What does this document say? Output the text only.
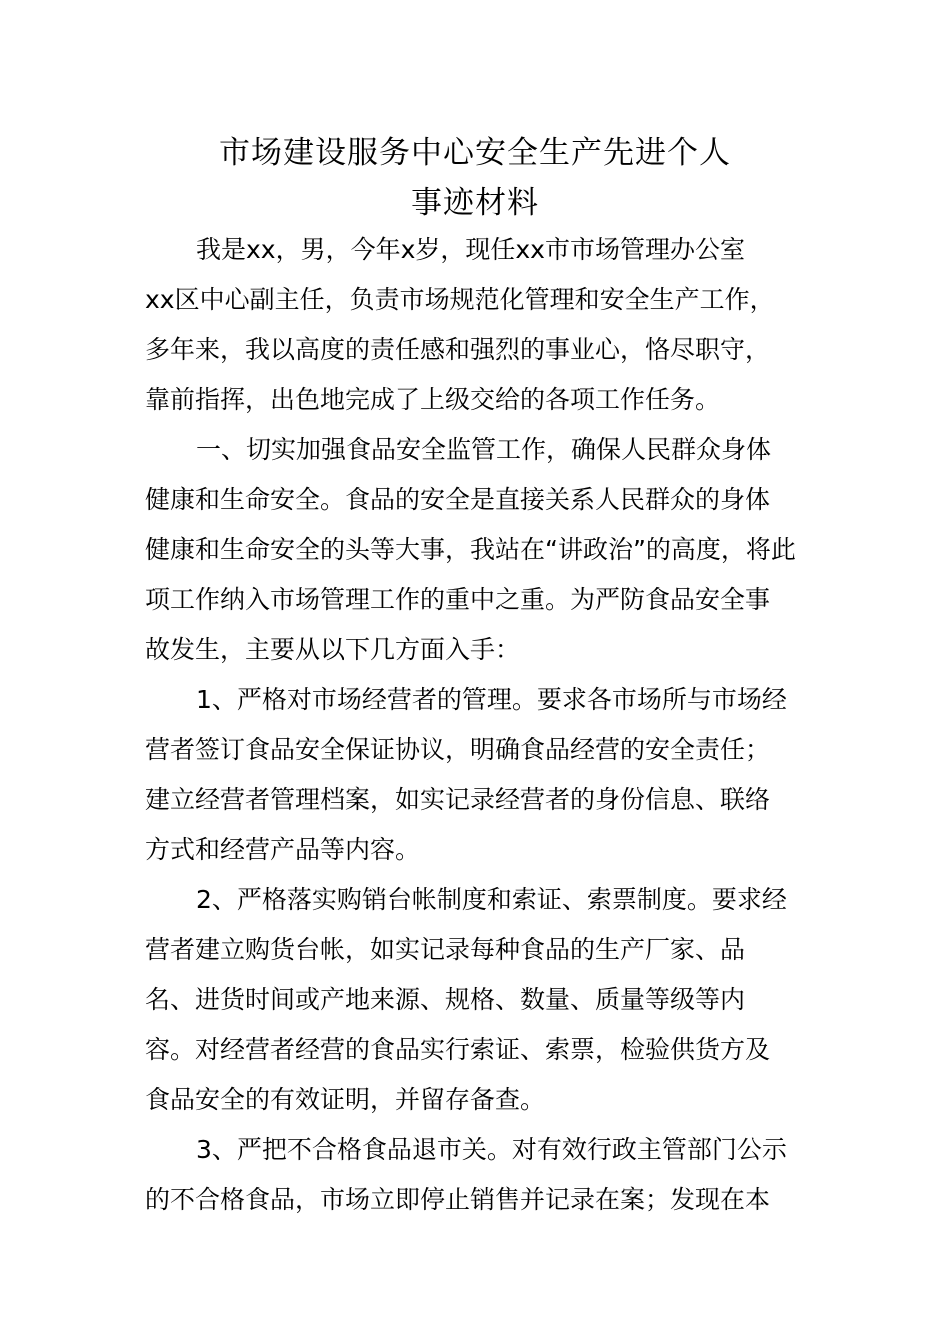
市场建设服务中心安全生产先进个人
事迹材料
我是xx，男，今年x岁，现任xx市市场管理办公室
xx区中心副主任，负责市场规范化管理和安全生产工作，
多年来，我以高度的责任感和强烈的事业心，恪尽职守，
靠前指挥，出色地完成了上级交给的各项工作任务。
一、切实加强食品安全监管工作，确保人民群众身体
健康和生命安全。食品的安全是直接关系人民群众的身体
健康和生命安全的头等大事，我站在“讲政治”的高度，将此
项工作纳入市场管理工作的重中之重。为严防食品安全事
故发生，主要从以下几方面入手：
1、严格对市场经营者的管理。要求各市场所与市场经
营者签订食品安全保证协议，明确食品经营的安全责任；
建立经营者管理档案，如实记录经营者的身份信息、联络
方式和经营产品等内容。
2、严格落实购销台帐制度和索证、索票制度。要求经
营者建立购货台帐，如实记录每种食品的生产厂家、品
名、进货时间或产地来源、规格、数量、质量等级等内
容。对经营者经营的食品实行索证、索票，检验供货方及
食品安全的有效证明，并留存备查。
3、严把不合格食品退市关。对有效行政主管部门公示
的不合格食品，市场立即停止销售并记录在案；发现在本
